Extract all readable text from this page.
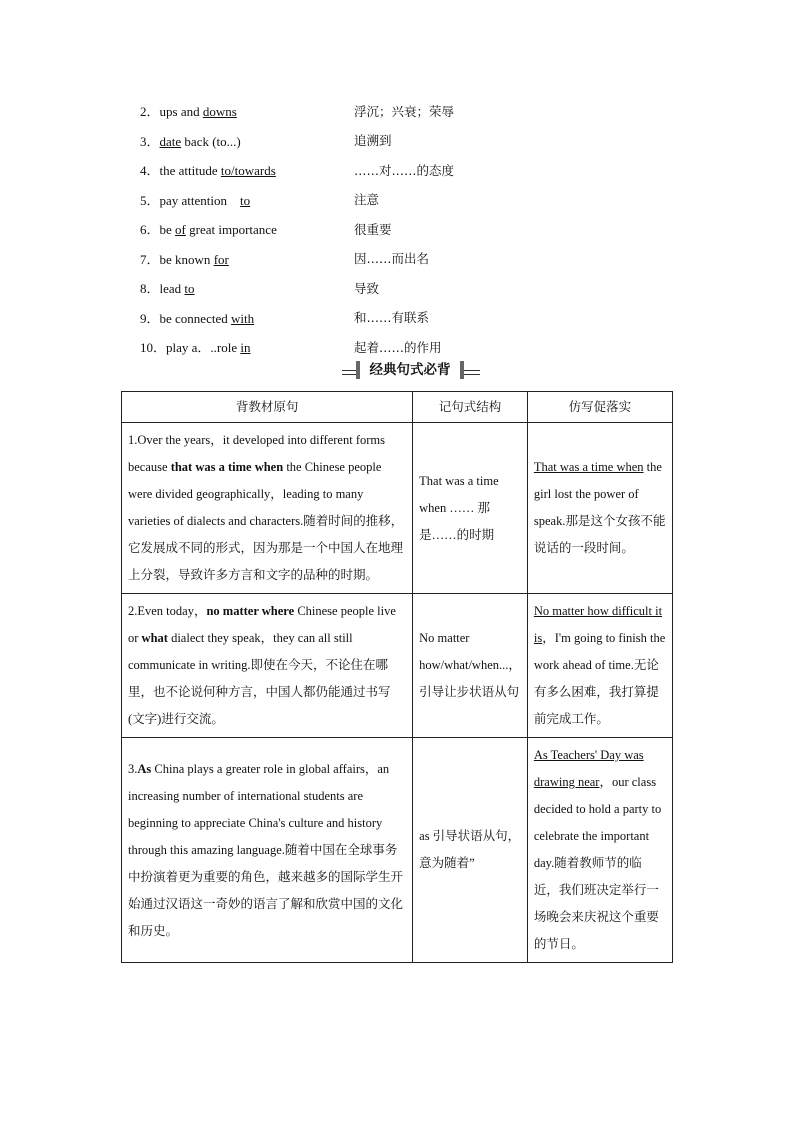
2．ups and downs	浮沉；兴衰；荣辱
3．date back (to...)	追溯到
4．the attitude to/towards	……对……的态度
5．pay attention　to	注意
6．be of great importance	很重要
7．be known for	因……而出名
8．lead to	导致
9．be connected with	和……有联系
10．play a．..role in	起着……的作用
经典句式必背
背教材原句	记句式结构	仿写促落实
1.Over the years，it developed into different forms because that was a time when the Chinese people were divided geographically，leading to many varieties of dialects and characters.随着时间的推移，它发展成不同的形式，因为那是一个中国人在地理上分裂，导致许多方言和文字的品种的时期。	That was a time when …… 那是……的时期	That was a time when the girl lost the power of speak.那是这个女孩不能说话的一段时间。
2.Even today，no matter where Chinese people live or what dialect they speak，they can all still communicate in writing.即使在今天，不论住在哪里，也不论说何种方言，中国人都仍能通过书写(文字)进行交流。	No matter how/what/when...，引导让步状语从句	No matter how difficult it is，I'm going to finish the work ahead of time.无论有多么困难，我打算提前完成工作。
3.As China plays a greater role in global affairs，an increasing number of international students are beginning to appreciate China's culture and history through this amazing language.随着中国在全球事务中扮演着更为重要的角色，越来越多的国际学生开始通过汉语这一奇妙的语言了解和欣赏中国的文化和历史。	as 引导状语从句， 意为随着”	As Teachers' Day was drawing near，our class decided to hold a party to celebrate the important day.随着教师节的临近，我们班决定举行一场晚会来庆祝这个重要的节日。
